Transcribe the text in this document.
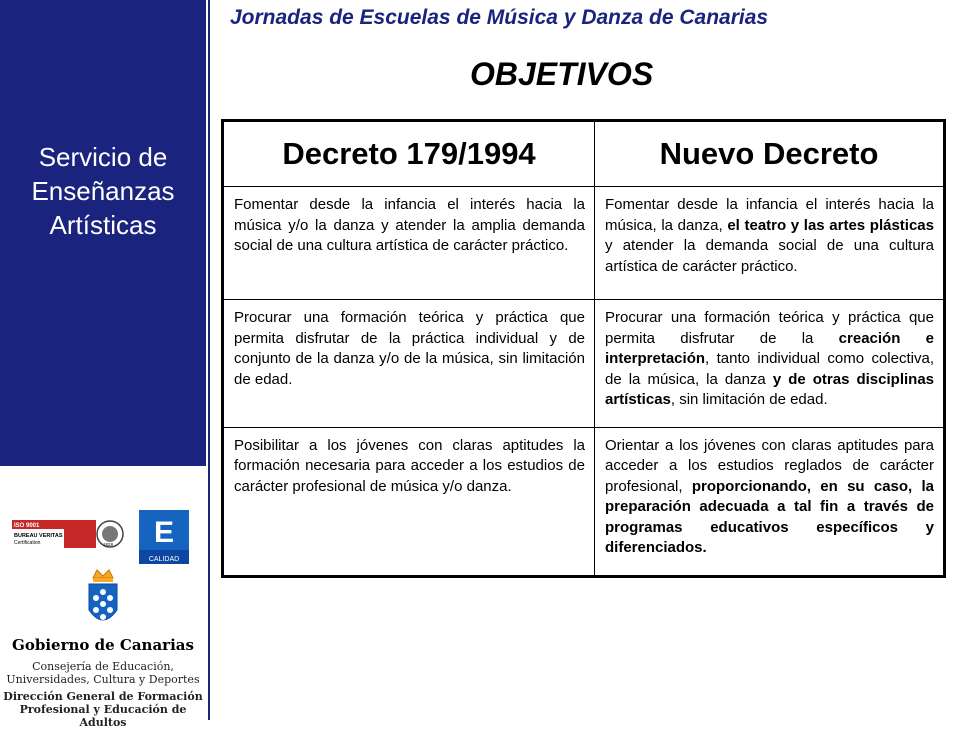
Servicio de
Enseñanzas
Artísticas
ISO 9001
BUREAU VERITAS
Certification	1828 E
CALIDAD
Gobierno de Canarias
Consejería de Educación,
Universidades, Cultura y Deportes
Dirección General de Formación
Profesional y Educación de Adultos
Jornadas de Escuelas de Música y Danza de Canarias
OBJETIVOS
Decreto 179/1994	Nuevo Decreto
Fomentar desde la infancia el interés hacia la música y/o la danza y atender la amplia demanda social de una cultura artística de carácter práctico.	Fomentar desde la infancia el interés hacia la música, la danza, el teatro y las artes plásticas y atender la demanda social de una cultura artística de carácter práctico.
Procurar una formación teórica y práctica que permita disfrutar de la práctica individual y de conjunto de la danza y/o de la música, sin limitación de edad.	Procurar una formación teórica y práctica que permita disfrutar de la creación e interpretación, tanto individual como colectiva, de la música, la danza y de otras disciplinas artísticas, sin limitación de edad.
Posibilitar a los jóvenes con claras aptitudes la formación necesaria para acceder a los estudios de carácter profesional de música y/o danza.	Orientar a los jóvenes con claras aptitudes para acceder a los estudios reglados de carácter profesional, proporcionando, en su caso, la preparación adecuada a tal fin a través de programas educativos específicos y diferenciados.
